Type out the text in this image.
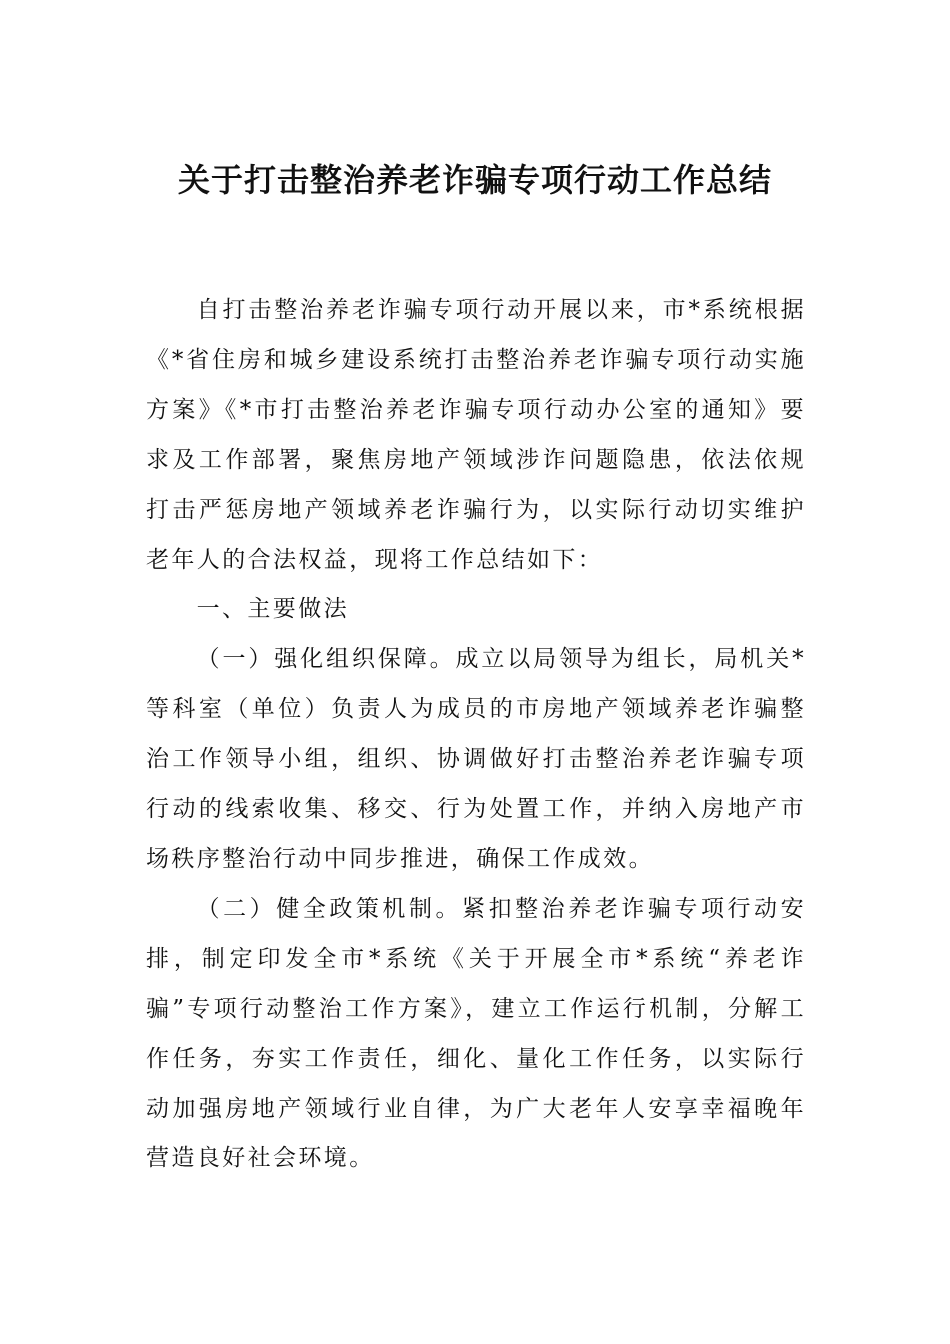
关于打击整治养老诈骗专项行动工作总结

自打击整治养老诈骗专项行动开展以来，市*系统根据《*省住房和城乡建设系统打击整治养老诈骗专项行动实施方案》《*市打击整治养老诈骗专项行动办公室的通知》要求及工作部署，聚焦房地产领域涉诈问题隐患，依法依规打击严惩房地产领域养老诈骗行为，以实际行动切实维护老年人的合法权益，现将工作总结如下：

一、主要做法

（一）强化组织保障。成立以局领导为组长，局机关*等科室（单位）负责人为成员的市房地产领域养老诈骗整治工作领导小组，组织、协调做好打击整治养老诈骗专项行动的线索收集、移交、行为处置工作，并纳入房地产市场秩序整治行动中同步推进，确保工作成效。

（二）健全政策机制。紧扣整治养老诈骗专项行动安排，制定印发全市*系统《关于开展全市*系统“养老诈骗”专项行动整治工作方案》，建立工作运行机制，分解工作任务，夯实工作责任，细化、量化工作任务，以实际行动加强房地产领域行业自律，为广大老年人安享幸福晚年营造良好社会环境。
